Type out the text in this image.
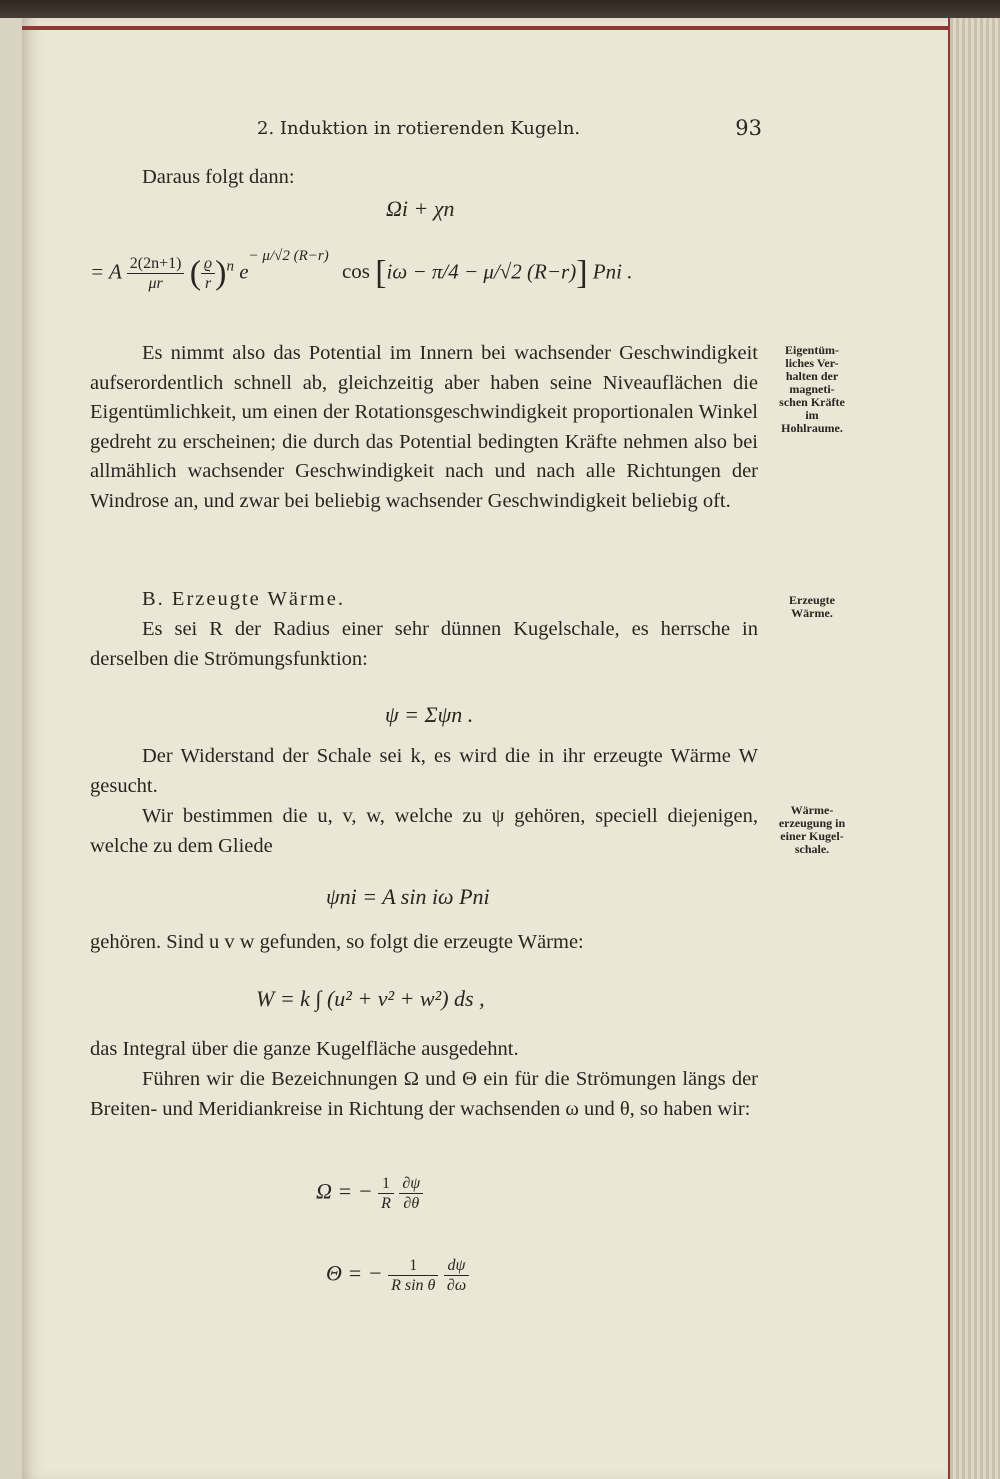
2. Induktion in rotierenden Kugeln.	93
Daraus folgt dann:
Ωi + χn
= A $\frac{2(2n+1)}{\mu r}$ ( $\frac{ϱ}{r} )^n$ $e^{- \mu/√2 (R-r)}$ cos [iω − π/4 − μ/√2 (R−r)] Pni .
Es nimmt also das Potential im Innern bei wachsender Geschwindigkeit aufserordentlich schnell ab, gleichzeitig aber haben seine Niveauflächen die Eigentümlichkeit, um einen der Rotationsgeschwindigkeit proportionalen Winkel gedreht zu erscheinen; die durch das Potential bedingten Kräfte nehmen also bei allmählich wachsender Geschwindigkeit nach und nach alle Richtungen der Windrose an, und zwar bei beliebig wachsender Geschwindigkeit beliebig oft.
Eigentüm-
liches Ver-
halten der
magneti-
schen Kräfte
im
Hohlraume.
B. Erzeugte Wärme.	Erzeugte
Wärme.
Es sei R der Radius einer sehr dünnen Kugelschale, es herrsche in derselben die Strömungsfunktion:
ψ = Σψn .
Der Widerstand der Schale sei k, es wird die in ihr erzeugte Wärme W gesucht.
Wir bestimmen die u, v, w, welche zu ψ gehören, speciell diejenigen, welche zu dem Gliede
Wärme-
erzeugung in
einer Kugel-
schale.
ψni = A sin iω Pni
gehören. Sind u v w gefunden, so folgt die erzeugte Wärme:
W = k ∫ (u² + v² + w²) ds ,
das Integral über die ganze Kugelfläche ausgedehnt.
Führen wir die Bezeichnungen Ω und Θ ein für die Strömungen längs der Breiten- und Meridiankreise in Richtung der wachsenden ω und θ, so haben wir:
Ω = − $\frac{1}{R}$
$\frac{\partial\psi}{\partial\theta}$
Θ = − $\frac{1}{\text{R sin θ}}$
$\frac{d\psi}{\partial\omega}$
